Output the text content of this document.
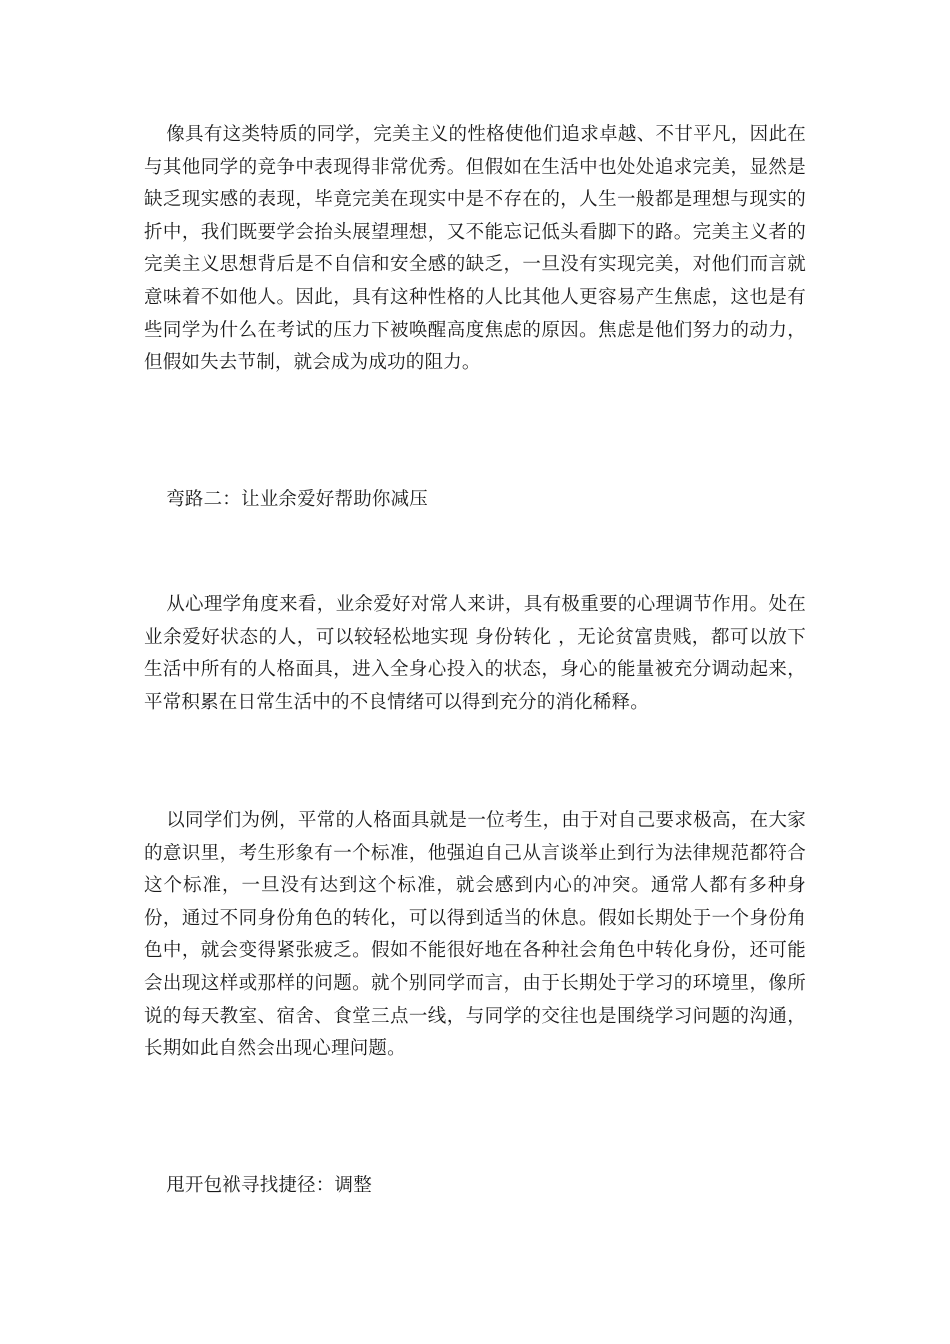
像具有这类特质的同学，完美主义的性格使他们追求卓越、不甘平凡，因此在与其他同学的竞争中表现得非常优秀。但假如在生活中也处处追求完美，显然是缺乏现实感的表现，毕竟完美在现实中是不存在的，人生一般都是理想与现实的折中，我们既要学会抬头展望理想，又不能忘记低头看脚下的路。完美主义者的完美主义思想背后是不自信和安全感的缺乏，一旦没有实现完美，对他们而言就意味着不如他人。因此，具有这种性格的人比其他人更容易产生焦虑，这也是有些同学为什么在考试的压力下被唤醒高度焦虑的原因。焦虑是他们努力的动力，但假如失去节制，就会成为成功的阻力。

弯路二：让业余爱好帮助你减压

从心理学角度来看，业余爱好对常人来讲，具有极重要的心理调节作用。处在业余爱好状态的人，可以较轻松地实现 身份转化 ，无论贫富贵贱，都可以放下生活中所有的人格面具，进入全身心投入的状态，身心的能量被充分调动起来，平常积累在日常生活中的不良情绪可以得到充分的消化稀释。

以同学们为例，平常的人格面具就是一位考生，由于对自己要求极高，在大家的意识里，考生形象有一个标准，他强迫自己从言谈举止到行为法律规范都符合这个标准，一旦没有达到这个标准，就会感到内心的冲突。通常人都有多种身份，通过不同身份角色的转化，可以得到适当的休息。假如长期处于一个身份角色中，就会变得紧张疲乏。假如不能很好地在各种社会角色中转化身份，还可能会出现这样或那样的问题。就个别同学而言，由于长期处于学习的环境里，像所说的每天教室、宿舍、食堂三点一线，与同学的交往也是围绕学习问题的沟通，长期如此自然会出现心理问题。

甩开包袱寻找捷径：调整
